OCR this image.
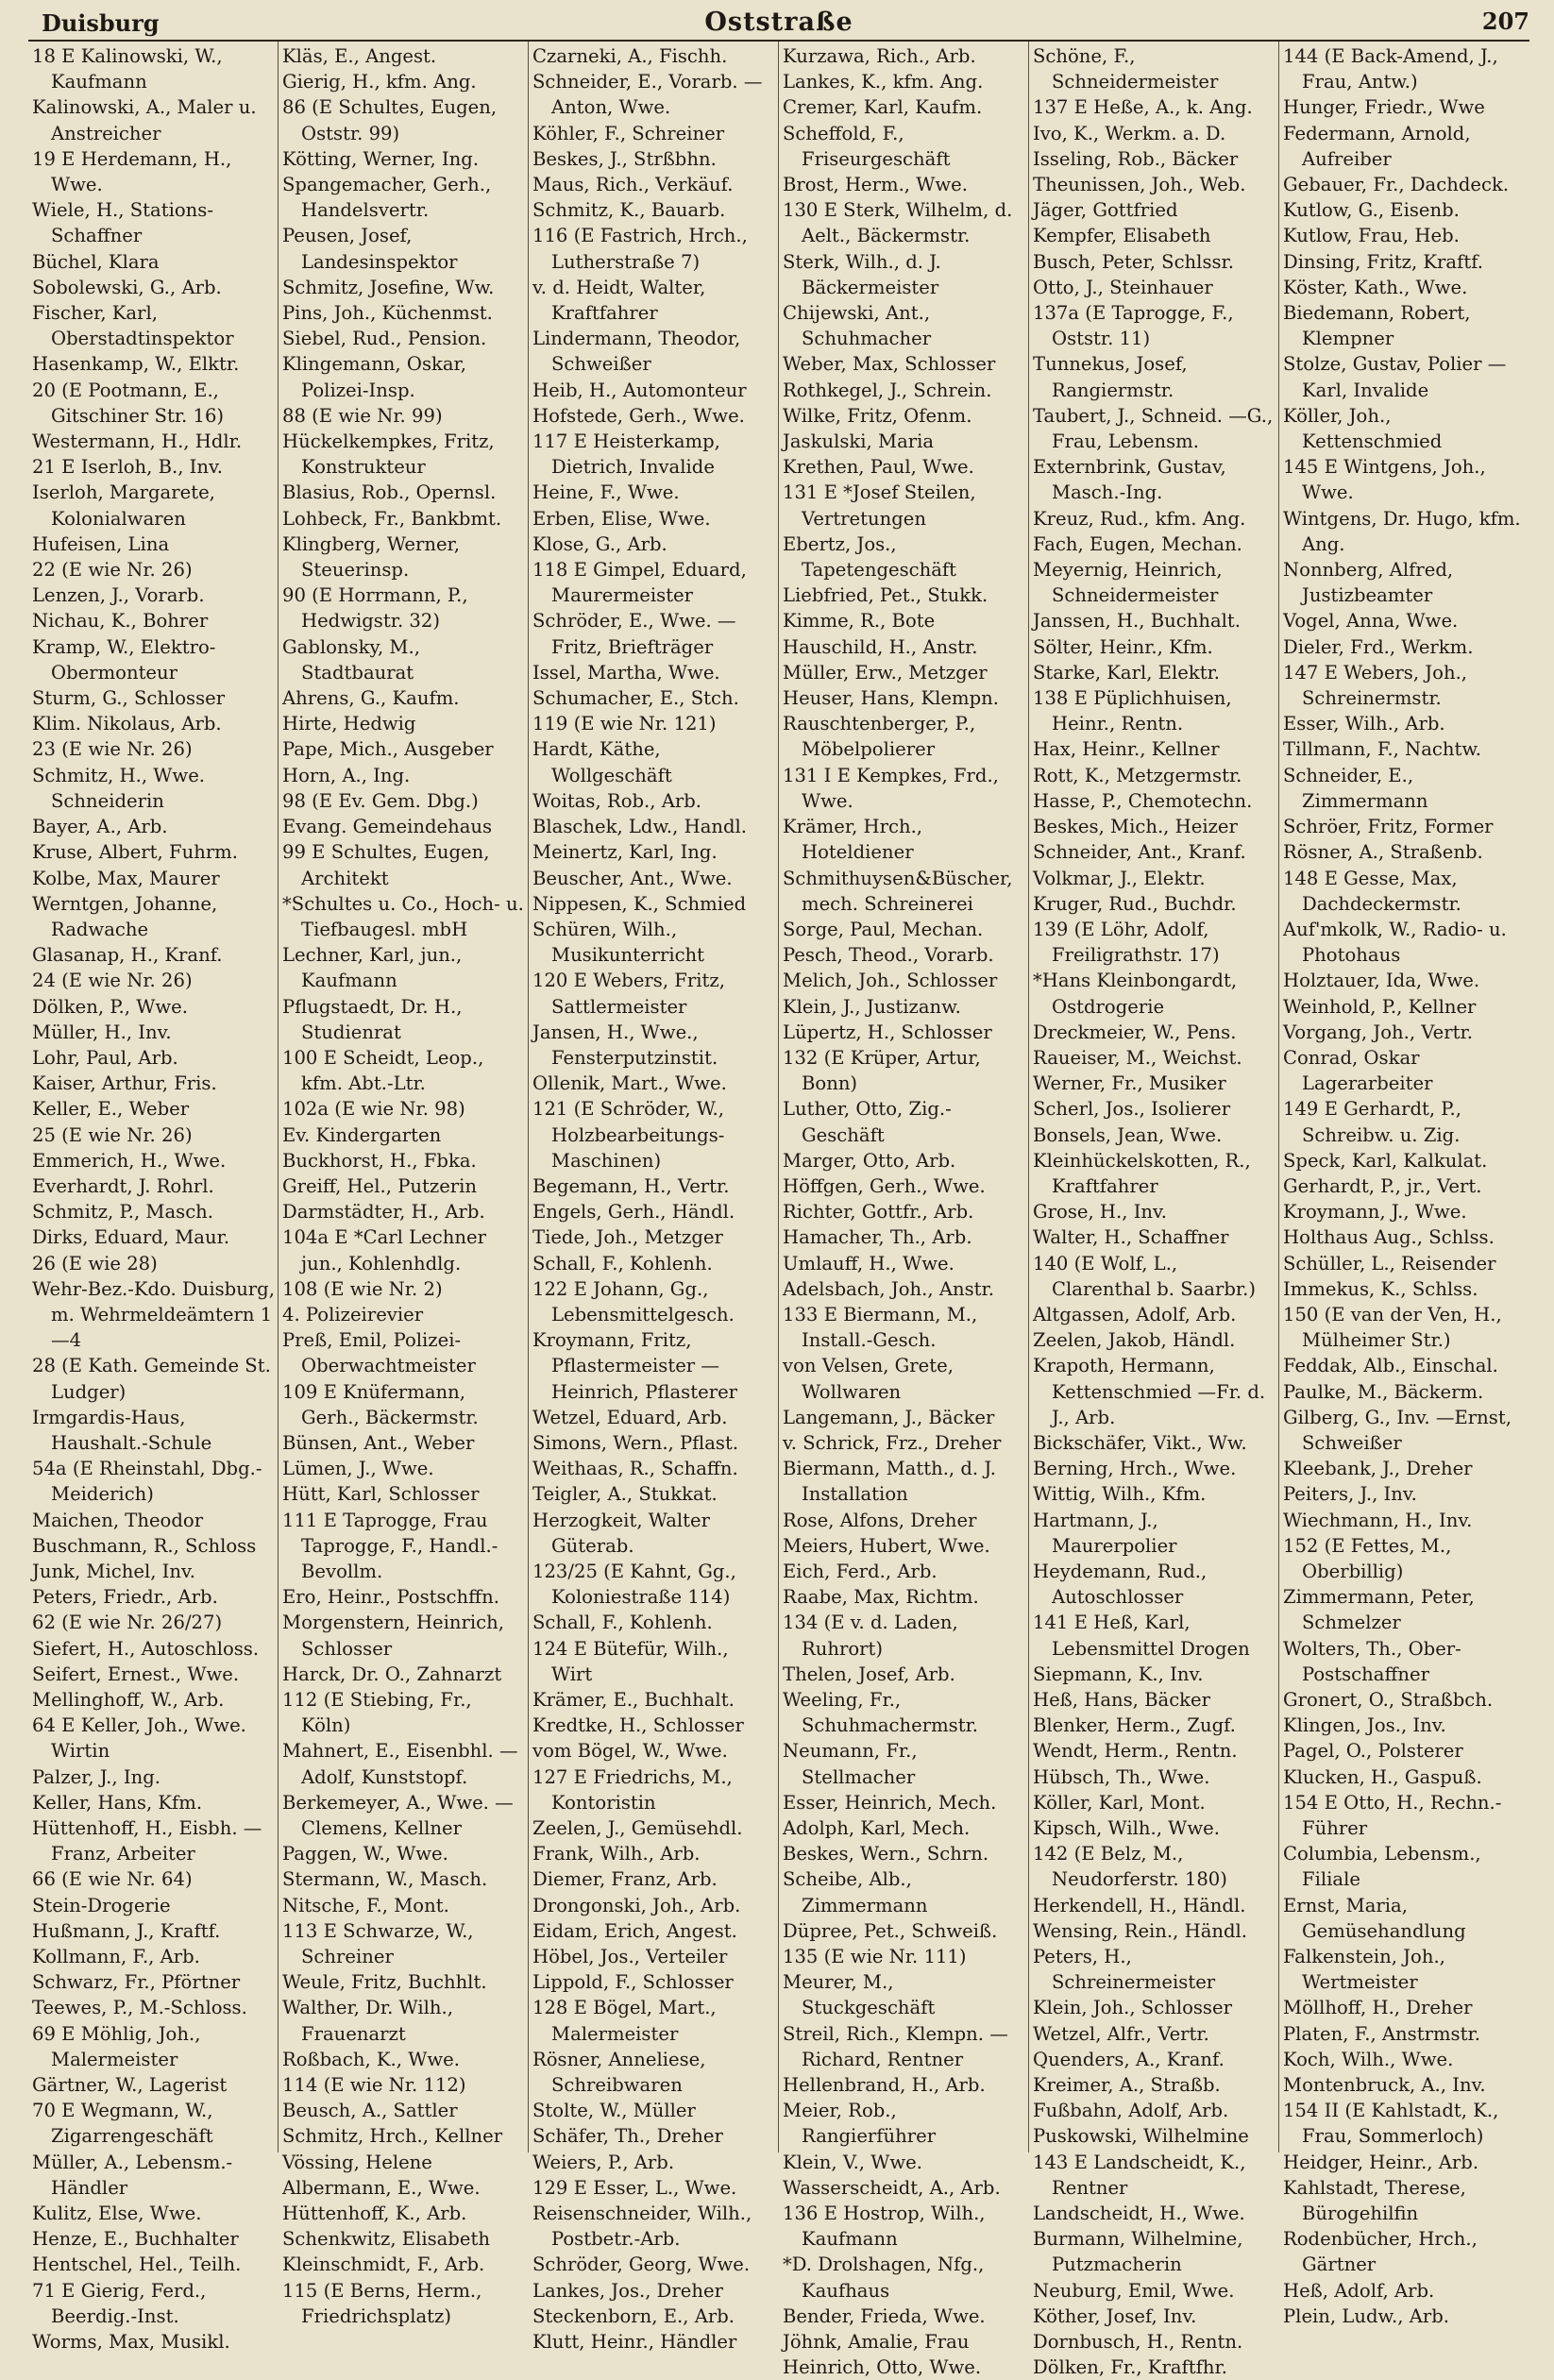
Duisburg	Oststraße	207

18 E Kalinowski, W., Kaufmann

Kalinowski, A., Maler u. Anstreicher

19 E Herdemann, H., Wwe.

Wiele, H., Stations-Schaffner

Büchel, Klara

Sobolewski, G., Arb.

Fischer, Karl, Oberstadtinspektor

Hasenkamp, W., Elktr.

20 (E Pootmann, E., Gitschiner Str. 16)

Westermann, H., Hdlr.

21 E Iserloh, B., Inv.

Iserloh, Margarete, Kolonialwaren

Hufeisen, Lina

22 (E wie Nr. 26)

Lenzen, J., Vorarb.

Nichau, K., Bohrer

Kramp, W., Elektro-Obermonteur

Sturm, G., Schlosser

Klim. Nikolaus, Arb.

23 (E wie Nr. 26)

Schmitz, H., Wwe. Schneiderin

Bayer, A., Arb.

Kruse, Albert, Fuhrm.

Kolbe, Max, Maurer

Werntgen, Johanne, Radwache

Glasanap, H., Kranf.

24 (E wie Nr. 26)

Dölken, P., Wwe.

Müller, H., Inv.

Lohr, Paul, Arb.

Kaiser, Arthur, Fris.

Keller, E., Weber

25 (E wie Nr. 26)

Emmerich, H., Wwe.

Everhardt, J. Rohrl.

Schmitz, P., Masch.

Dirks, Eduard, Maur.

26 (E wie 28)

Wehr-Bez.-Kdo. Duisburg, m. Wehrmeldeämtern 1—4

28 (E Kath. Gemeinde St. Ludger)

Irmgardis-Haus, Haushalt.-Schule

54a (E Rheinstahl, Dbg.-Meiderich)

Maichen, Theodor

Buschmann, R., Schloss

Junk, Michel, Inv.

Peters, Friedr., Arb.

62 (E wie Nr. 26/27)

Siefert, H., Autoschloss.

Seifert, Ernest., Wwe.

Mellinghoff, W., Arb.

64 E Keller, Joh., Wwe. Wirtin

Palzer, J., Ing.

Keller, Hans, Kfm.

Hüttenhoff, H., Eisbh. —Franz, Arbeiter

66 (E wie Nr. 64)

Stein-Drogerie

Hußmann, J., Kraftf.

Kollmann, F., Arb.

Schwarz, Fr., Pförtner

Teewes, P., M.-Schloss.

69 E Möhlig, Joh., Malermeister

Gärtner, W., Lagerist

70 E Wegmann, W., Zigarrengeschäft

Müller, A., Lebensm.-Händler

Kulitz, Else, Wwe.

Henze, E., Buchhalter

Hentschel, Hel., Teilh.

71 E Gierig, Ferd., Beerdig.-Inst.

Worms, Max, Musikl.

Kläs, E., Angest.

Gierig, H., kfm. Ang.

86 (E Schultes, Eugen, Oststr. 99)

Kötting, Werner, Ing.

Spangemacher, Gerh., Handelsvertr.

Peusen, Josef, Landesinspektor

Schmitz, Josefine, Ww.

Pins, Joh., Küchenmst.

Siebel, Rud., Pension.

Klingemann, Oskar, Polizei-Insp.

88 (E wie Nr. 99)

Hückelkempkes, Fritz, Konstrukteur

Blasius, Rob., Opernsl.

Lohbeck, Fr., Bankbmt.

Klingberg, Werner, Steuerinsp.

90 (E Horrmann, P., Hedwigstr. 32)

Gablonsky, M., Stadtbaurat

Ahrens, G., Kaufm.

Hirte, Hedwig

Pape, Mich., Ausgeber

Horn, A., Ing.

98 (E Ev. Gem. Dbg.)

Evang. Gemeindehaus

99 E Schultes, Eugen, Architekt

*Schultes u. Co., Hoch- u. Tiefbaugesl. mbH

Lechner, Karl, jun., Kaufmann

Pflugstaedt, Dr. H., Studienrat

100 E Scheidt, Leop., kfm. Abt.-Ltr.

102a (E wie Nr. 98)

Ev. Kindergarten

Buckhorst, H., Fbka.

Greiff, Hel., Putzerin

Darmstädter, H., Arb.

104a E *Carl Lechner jun., Kohlenhdlg.

108 (E wie Nr. 2)

4. Polizeirevier

Preß, Emil, Polizei-Oberwachtmeister

109 E Knüfermann, Gerh., Bäckermstr.

Bünsen, Ant., Weber

Lümen, J., Wwe.

Hütt, Karl, Schlosser

111 E Taprogge, Frau Taprogge, F., Handl.-Bevollm.

Ero, Heinr., Postschffn.

Morgenstern, Heinrich, Schlosser

Harck, Dr. O., Zahnarzt

112 (E Stiebing, Fr., Köln)

Mahnert, E., Eisenbhl. —Adolf, Kunststopf.

Berkemeyer, A., Wwe. —Clemens, Kellner

Paggen, W., Wwe.

Stermann, W., Masch.

Nitsche, F., Mont.

113 E Schwarze, W., Schreiner

Weule, Fritz, Buchhlt.

Walther, Dr. Wilh., Frauenarzt

Roßbach, K., Wwe.

114 (E wie Nr. 112)

Beusch, A., Sattler

Schmitz, Hrch., Kellner

Vössing, Helene

Albermann, E., Wwe.

Hüttenhoff, K., Arb.

Schenkwitz, Elisabeth

Kleinschmidt, F., Arb.

115 (E Berns, Herm., Friedrichsplatz)

Czarneki, A., Fischh.

Schneider, E., Vorarb. —Anton, Wwe.

Köhler, F., Schreiner

Beskes, J., Strßbhn.

Maus, Rich., Verkäuf.

Schmitz, K., Bauarb.

116 (E Fastrich, Hrch., Lutherstraße 7)

v. d. Heidt, Walter, Kraftfahrer

Lindermann, Theodor, Schweißer

Heib, H., Automonteur

Hofstede, Gerh., Wwe.

117 E Heisterkamp, Dietrich, Invalide

Heine, F., Wwe.

Erben, Elise, Wwe.

Klose, G., Arb.

118 E Gimpel, Eduard, Maurermeister

Schröder, E., Wwe. —Fritz, Briefträger

Issel, Martha, Wwe.

Schumacher, E., Stch.

119 (E wie Nr. 121)

Hardt, Käthe, Wollgeschäft

Woitas, Rob., Arb.

Blaschek, Ldw., Handl.

Meinertz, Karl, Ing.

Beuscher, Ant., Wwe.

Nippesen, K., Schmied

Schüren, Wilh., Musikunterricht

120 E Webers, Fritz, Sattlermeister

Jansen, H., Wwe., Fensterputzinstit.

Ollenik, Mart., Wwe.

121 (E Schröder, W., Holzbearbeitungs-Maschinen)

Begemann, H., Vertr.

Engels, Gerh., Händl.

Tiede, Joh., Metzger

Schall, F., Kohlenh.

122 E Johann, Gg., Lebensmittelgesch.

Kroymann, Fritz, Pflastermeister —Heinrich, Pflasterer

Wetzel, Eduard, Arb.

Simons, Wern., Pflast.

Weithaas, R., Schaffn.

Teigler, A., Stukkat.

Herzogkeit, Walter Güterab.

123/25 (E Kahnt, Gg., Koloniestraße 114)

Schall, F., Kohlenh.

124 E Bütefür, Wilh., Wirt

Krämer, E., Buchhalt.

Kredtke, H., Schlosser

vom Bögel, W., Wwe.

127 E Friedrichs, M., Kontoristin

Zeelen, J., Gemüsehdl.

Frank, Wilh., Arb.

Diemer, Franz, Arb.

Drongonski, Joh., Arb.

Eidam, Erich, Angest.

Höbel, Jos., Verteiler

Lippold, F., Schlosser

128 E Bögel, Mart., Malermeister

Rösner, Anneliese, Schreibwaren

Stolte, W., Müller

Schäfer, Th., Dreher

Weiers, P., Arb.

129 E Esser, L., Wwe.

Reisenschneider, Wilh., Postbetr.-Arb.

Schröder, Georg, Wwe.

Lankes, Jos., Dreher

Steckenborn, E., Arb.

Klutt, Heinr., Händler

Kurzawa, Rich., Arb.

Lankes, K., kfm. Ang.

Cremer, Karl, Kaufm.

Scheffold, F., Friseurgeschäft

Brost, Herm., Wwe.

130 E Sterk, Wilhelm, d. Aelt., Bäckermstr.

Sterk, Wilh., d. J. Bäckermeister

Chijewski, Ant., Schuhmacher

Weber, Max, Schlosser

Rothkegel, J., Schrein.

Wilke, Fritz, Ofenm.

Jaskulski, Maria

Krethen, Paul, Wwe.

131 E *Josef Steilen, Vertretungen

Ebertz, Jos., Tapetengeschäft

Liebfried, Pet., Stukk.

Kimme, R., Bote

Hauschild, H., Anstr.

Müller, Erw., Metzger

Heuser, Hans, Klempn.

Rauschtenberger, P., Möbelpolierer

131 I E Kempkes, Frd., Wwe.

Krämer, Hrch., Hoteldiener

Schmithuysen&Büscher, mech. Schreinerei

Sorge, Paul, Mechan.

Pesch, Theod., Vorarb.

Melich, Joh., Schlosser

Klein, J., Justizanw.

Lüpertz, H., Schlosser

132 (E Krüper, Artur, Bonn)

Luther, Otto, Zig.-Geschäft

Marger, Otto, Arb.

Höffgen, Gerh., Wwe.

Richter, Gottfr., Arb.

Hamacher, Th., Arb.

Umlauff, H., Wwe.

Adelsbach, Joh., Anstr.

133 E Biermann, M., Install.-Gesch.

von Velsen, Grete, Wollwaren

Langemann, J., Bäcker

v. Schrick, Frz., Dreher

Biermann, Matth., d. J. Installation

Rose, Alfons, Dreher

Meiers, Hubert, Wwe.

Eich, Ferd., Arb.

Raabe, Max, Richtm.

134 (E v. d. Laden, Ruhrort)

Thelen, Josef, Arb.

Weeling, Fr., Schuhmachermstr.

Neumann, Fr., Stellmacher

Esser, Heinrich, Mech.

Adolph, Karl, Mech.

Beskes, Wern., Schrn.

Scheibe, Alb., Zimmermann

Düpree, Pet., Schweiß.

135 (E wie Nr. 111)

Meurer, M., Stuckgeschäft

Streil, Rich., Klempn. —Richard, Rentner

Hellenbrand, H., Arb.

Meier, Rob., Rangierführer

Klein, V., Wwe.

Wasserscheidt, A., Arb.

136 E Hostrop, Wilh., Kaufmann

*D. Drolshagen, Nfg., Kaufhaus

Bender, Frieda, Wwe.

Jöhnk, Amalie, Frau

Heinrich, Otto, Wwe.

Schöne, F., Schneidermeister

137 E Heße, A., k. Ang.

Ivo, K., Werkm. a. D.

Isseling, Rob., Bäcker

Theunissen, Joh., Web.

Jäger, Gottfried

Kempfer, Elisabeth

Busch, Peter, Schlssr.

Otto, J., Steinhauer

137a (E Taprogge, F., Oststr. 11)

Tunnekus, Josef, Rangiermstr.

Taubert, J., Schneid. —G., Frau, Lebensm.

Externbrink, Gustav, Masch.-Ing.

Kreuz, Rud., kfm. Ang.

Fach, Eugen, Mechan.

Meyernig, Heinrich, Schneidermeister

Janssen, H., Buchhalt.

Sölter, Heinr., Kfm.

Starke, Karl, Elektr.

138 E Püplichhuisen, Heinr., Rentn.

Hax, Heinr., Kellner

Rott, K., Metzgermstr.

Hasse, P., Chemotechn.

Beskes, Mich., Heizer

Schneider, Ant., Kranf.

Volkmar, J., Elektr.

Kruger, Rud., Buchdr.

139 (E Löhr, Adolf, Freiligrathstr. 17)

*Hans Kleinbongardt, Ostdrogerie

Dreckmeier, W., Pens.

Raueiser, M., Weichst.

Werner, Fr., Musiker

Scherl, Jos., Isolierer

Bonsels, Jean, Wwe.

Kleinhückelskotten, R., Kraftfahrer

Grose, H., Inv.

Walter, H., Schaffner

140 (E Wolf, L., Clarenthal b. Saarbr.)

Altgassen, Adolf, Arb.

Zeelen, Jakob, Händl.

Krapoth, Hermann, Kettenschmied —Fr. d. J., Arb.

Bickschäfer, Vikt., Ww.

Berning, Hrch., Wwe.

Wittig, Wilh., Kfm.

Hartmann, J., Maurerpolier

Heydemann, Rud., Autoschlosser

141 E Heß, Karl, Lebensmittel Drogen

Siepmann, K., Inv.

Heß, Hans, Bäcker

Blenker, Herm., Zugf.

Wendt, Herm., Rentn.

Hübsch, Th., Wwe.

Köller, Karl, Mont.

Kipsch, Wilh., Wwe.

142 (E Belz, M., Neudorferstr. 180)

Herkendell, H., Händl.

Wensing, Rein., Händl.

Peters, H., Schreinermeister

Klein, Joh., Schlosser

Wetzel, Alfr., Vertr.

Quenders, A., Kranf.

Kreimer, A., Straßb.

Fußbahn, Adolf, Arb.

Puskowski, Wilhelmine

143 E Landscheidt, K., Rentner

Landscheidt, H., Wwe.

Burmann, Wilhelmine, Putzmacherin

Neuburg, Emil, Wwe.

Köther, Josef, Inv.

Dornbusch, H., Rentn.

Dölken, Fr., Kraftfhr.

144 (E Back-Amend, J., Frau, Antw.)

Hunger, Friedr., Wwe

Federmann, Arnold, Aufreiber

Gebauer, Fr., Dachdeck.

Kutlow, G., Eisenb.

Kutlow, Frau, Heb.

Dinsing, Fritz, Kraftf.

Köster, Kath., Wwe.

Biedemann, Robert, Klempner

Stolze, Gustav, Polier —Karl, Invalide

Köller, Joh., Kettenschmied

145 E Wintgens, Joh., Wwe.

Wintgens, Dr. Hugo, kfm. Ang.

Nonnberg, Alfred, Justizbeamter

Vogel, Anna, Wwe.

Dieler, Frd., Werkm.

147 E Webers, Joh., Schreinermstr.

Esser, Wilh., Arb.

Tillmann, F., Nachtw.

Schneider, E., Zimmermann

Schröer, Fritz, Former

Rösner, A., Straßenb.

148 E Gesse, Max, Dachdeckermstr.

Auf'mkolk, W., Radio- u. Photohaus

Holztauer, Ida, Wwe.

Weinhold, P., Kellner

Vorgang, Joh., Vertr.

Conrad, Oskar Lagerarbeiter

149 E Gerhardt, P., Schreibw. u. Zig.

Speck, Karl, Kalkulat.

Gerhardt, P., jr., Vert.

Kroymann, J., Wwe.

Holthaus Aug., Schlss.

Schüller, L., Reisender

Immekus, K., Schlss.

150 (E van der Ven, H., Mülheimer Str.)

Feddak, Alb., Einschal.

Paulke, M., Bäckerm.

Gilberg, G., Inv. —Ernst, Schweißer

Kleebank, J., Dreher

Peiters, J., Inv.

Wiechmann, H., Inv.

152 (E Fettes, M., Oberbillig)

Zimmermann, Peter, Schmelzer

Wolters, Th., Ober-Postschaffner

Gronert, O., Straßbch.

Klingen, Jos., Inv.

Pagel, O., Polsterer

Klucken, H., Gaspuß.

154 E Otto, H., Rechn.-Führer

Columbia, Lebensm., Filiale

Ernst, Maria, Gemüsehandlung

Falkenstein, Joh., Wertmeister

Möllhoff, H., Dreher

Platen, F., Anstrmstr.

Koch, Wilh., Wwe.

Montenbruck, A., Inv.

154 II (E Kahlstadt, K., Frau, Sommerloch)

Heidger, Heinr., Arb.

Kahlstadt, Therese, Bürogehilfin

Rodenbücher, Hrch., Gärtner

Heß, Adolf, Arb.

Plein, Ludw., Arb.
